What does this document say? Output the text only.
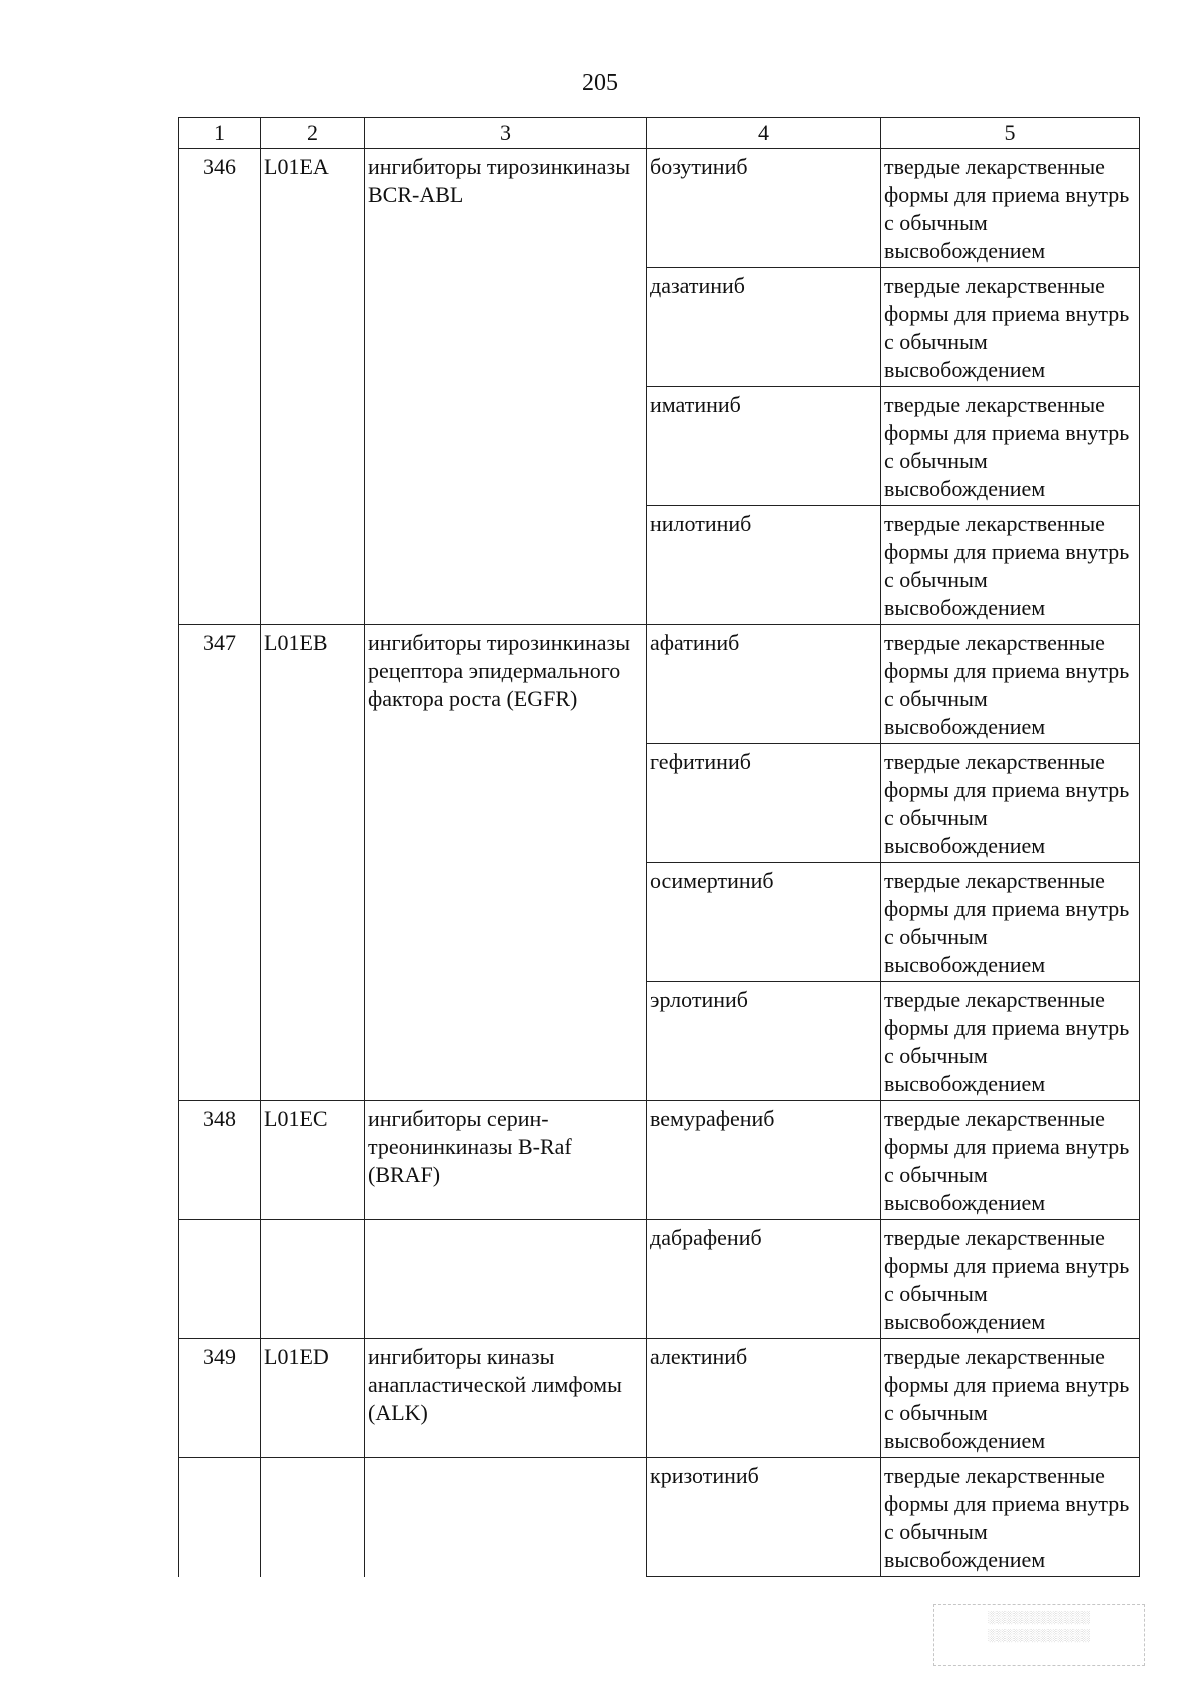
205
1	2	3	4	5
346	L01EA	ингибиторы тирозинкиназы BCR-ABL	бозутиниб	твердые лекарственные формы для приема внутрь с обычным высвобождением
			дазатиниб	твердые лекарственные формы для приема внутрь с обычным высвобождением
			иматиниб	твердые лекарственные формы для приема внутрь с обычным высвобождением
			нилотиниб	твердые лекарственные формы для приема внутрь с обычным высвобождением
347	L01EB	ингибиторы тирозинкиназы рецептора эпидермального фактора роста (EGFR)	афатиниб	твердые лекарственные формы для приема внутрь с обычным высвобождением
			гефитиниб	твердые лекарственные формы для приема внутрь с обычным высвобождением
			осимертиниб	твердые лекарственные формы для приема внутрь с обычным высвобождением
			эрлотиниб	твердые лекарственные формы для приема внутрь с обычным высвобождением
348	L01EC	ингибиторы серин-треонинкиназы B-Raf (BRAF)	вемурафениб	твердые лекарственные формы для приема внутрь с обычным высвобождением
			дабрафениб	твердые лекарственные формы для приема внутрь с обычным высвобождением
349	L01ED	ингибиторы киназы анапластической лимфомы (ALK)	алектиниб	твердые лекарственные формы для приема внутрь с обычным высвобождением
			кризотиниб	твердые лекарственные формы для приема внутрь с обычным высвобождением
░░░░░░░░░░░░
░░░░░░░░░░░░
